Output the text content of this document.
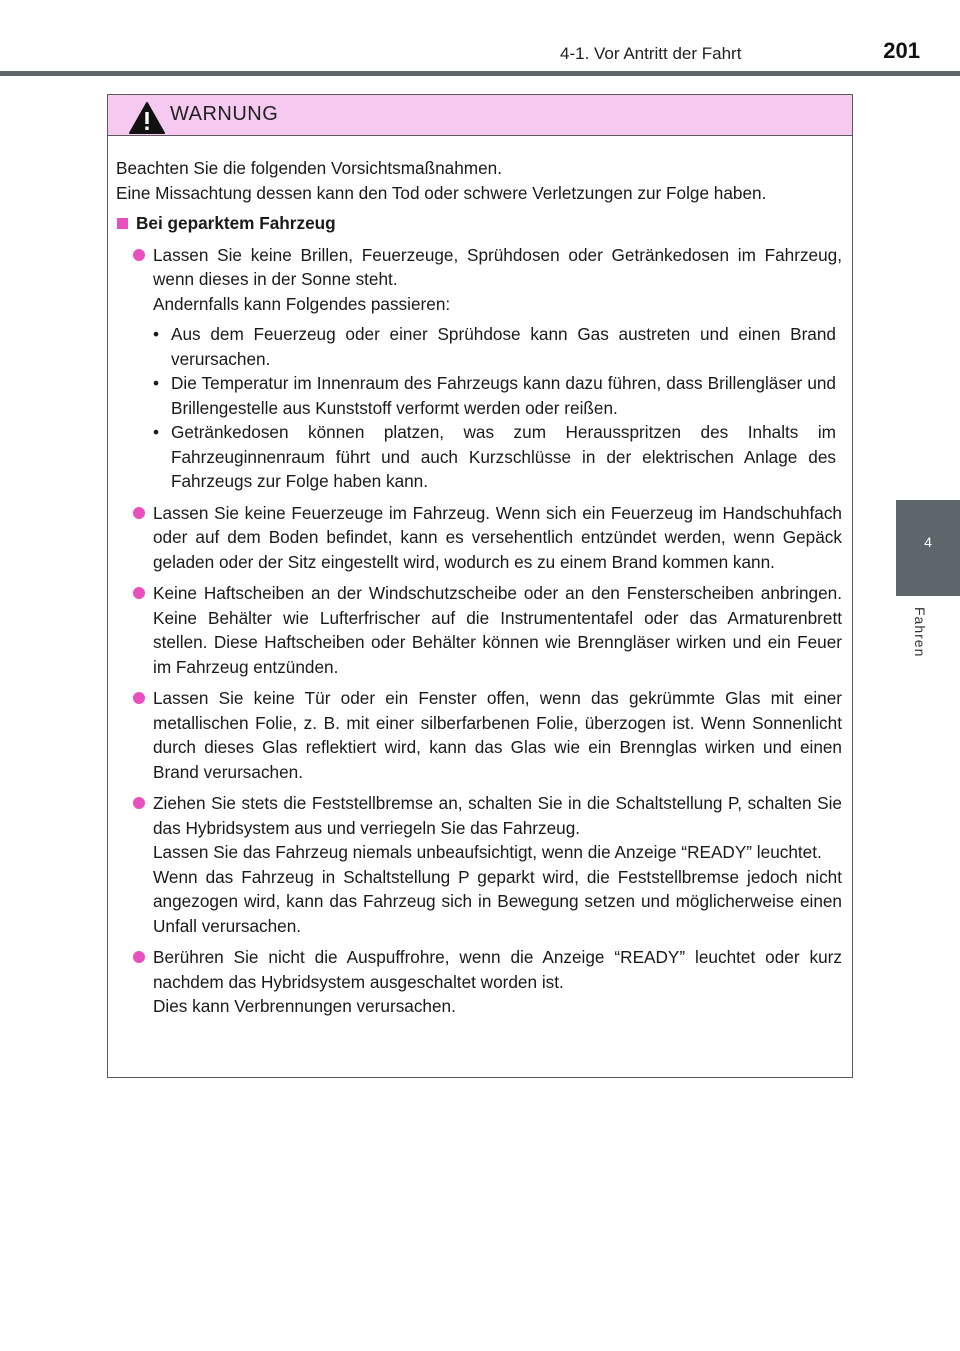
4-1. Vor Antritt der Fahrt	201
4
Fahren
WARNUNG

Beachten Sie die folgenden Vorsichtsmaßnahmen.

Eine Missachtung dessen kann den Tod oder schwere Verletzungen zur Folge haben.

Bei geparktem Fahrzeug

Lassen Sie keine Brillen, Feuerzeuge, Sprühdosen oder Getränkedosen im Fahrzeug, wenn dieses in der Sonne steht.

Andernfalls kann Folgendes passieren:

• Aus dem Feuerzeug oder einer Sprühdose kann Gas austreten und einen Brand verursachen.
• Die Temperatur im Innenraum des Fahrzeugs kann dazu führen, dass Brillengläser und Brillengestelle aus Kunststoff verformt werden oder reißen.
• Getränkedosen können platzen, was zum Herausspritzen des Inhalts im Fahrzeuginnenraum führt und auch Kurzschlüsse in der elektrischen Anlage des Fahrzeugs zur Folge haben kann.

Lassen Sie keine Feuerzeuge im Fahrzeug. Wenn sich ein Feuerzeug im Handschuhfach oder auf dem Boden befindet, kann es versehentlich entzündet werden, wenn Gepäck geladen oder der Sitz eingestellt wird, wodurch es zu einem Brand kommen kann.

Keine Haftscheiben an der Windschutzscheibe oder an den Fensterscheiben anbringen. Keine Behälter wie Lufterfrischer auf die Instrumententafel oder das Armaturenbrett stellen. Diese Haftscheiben oder Behälter können wie Brenngläser wirken und ein Feuer im Fahrzeug entzünden.

Lassen Sie keine Tür oder ein Fenster offen, wenn das gekrümmte Glas mit einer metallischen Folie, z. B. mit einer silberfarbenen Folie, überzogen ist. Wenn Sonnenlicht durch dieses Glas reflektiert wird, kann das Glas wie ein Brennglas wirken und einen Brand verursachen.

Ziehen Sie stets die Feststellbremse an, schalten Sie in die Schaltstellung P, schalten Sie das Hybridsystem aus und verriegeln Sie das Fahrzeug.

Lassen Sie das Fahrzeug niemals unbeaufsichtigt, wenn die Anzeige “READY” leuchtet.

Wenn das Fahrzeug in Schaltstellung P geparkt wird, die Feststellbremse jedoch nicht angezogen wird, kann das Fahrzeug sich in Bewegung setzen und möglicherweise einen Unfall verursachen.

Berühren Sie nicht die Auspuffrohre, wenn die Anzeige “READY” leuchtet oder kurz nachdem das Hybridsystem ausgeschaltet worden ist.

Dies kann Verbrennungen verursachen.
